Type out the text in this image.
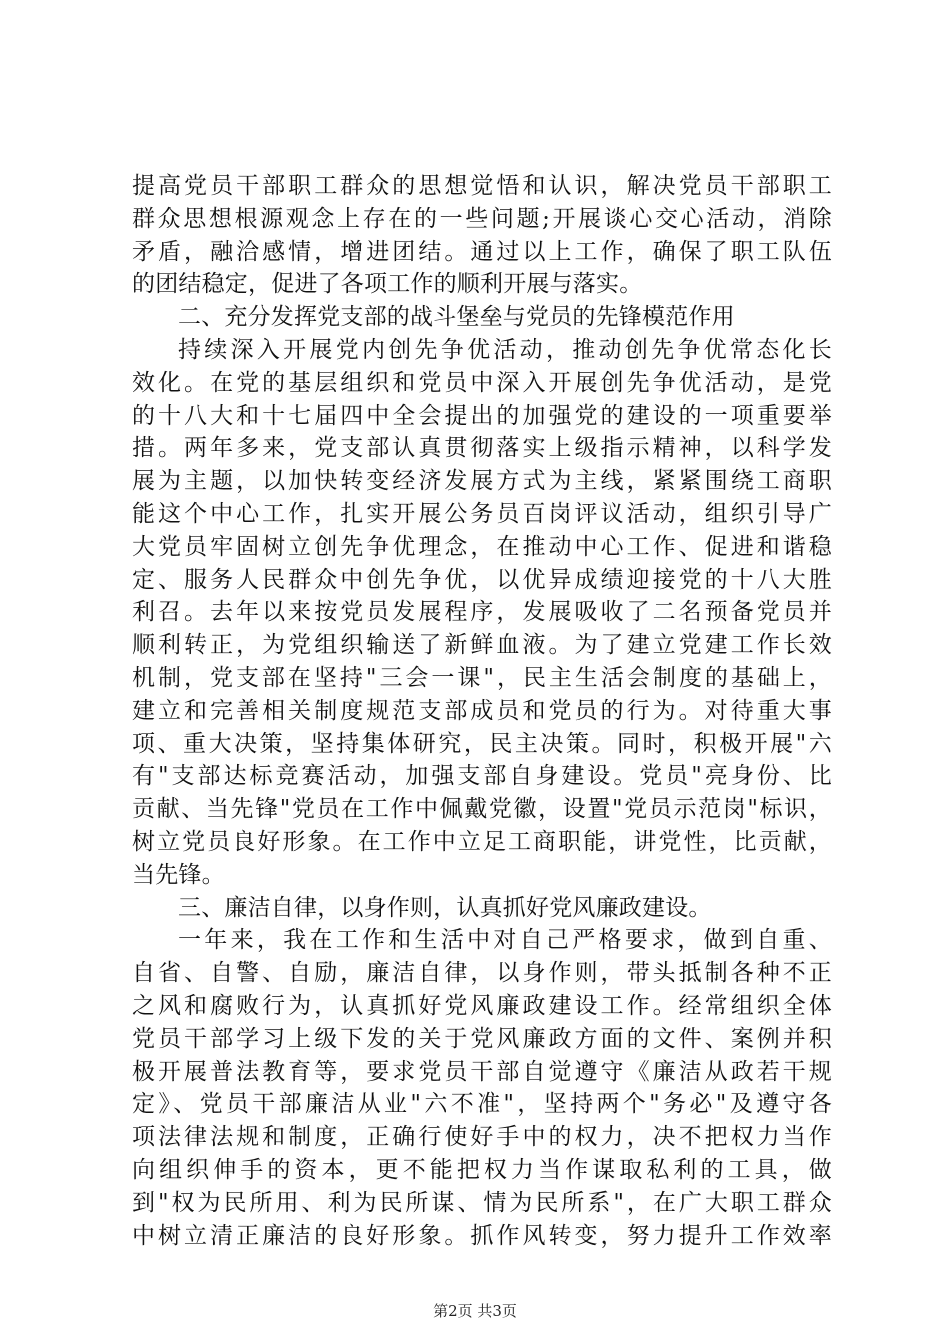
提高党员干部职工群众的思想觉悟和认识，解决党员干部职工
群众思想根源观念上存在的一些问题;开展谈心交心活动，消除
矛盾，融洽感情，增进团结。通过以上工作，确保了职工队伍
的团结稳定，促进了各项工作的顺利开展与落实。
二、充分发挥党支部的战斗堡垒与党员的先锋模范作用
持续深入开展党内创先争优活动，推动创先争优常态化长
效化。在党的基层组织和党员中深入开展创先争优活动，是党
的十八大和十七届四中全会提出的加强党的建设的一项重要举
措。两年多来，党支部认真贯彻落实上级指示精神，以科学发
展为主题，以加快转变经济发展方式为主线，紧紧围绕工商职
能这个中心工作，扎实开展公务员百岗评议活动，组织引导广
大党员牢固树立创先争优理念，在推动中心工作、促进和谐稳
定、服务人民群众中创先争优，以优异成绩迎接党的十八大胜
利召。去年以来按党员发展程序，发展吸收了二名预备党员并
顺利转正，为党组织输送了新鲜血液。为了建立党建工作长效
机制，党支部在坚持"三会一课"，民主生活会制度的基础上，
建立和完善相关制度规范支部成员和党员的行为。对待重大事
项、重大决策，坚持集体研究，民主决策。同时，积极开展"六
有"支部达标竞赛活动，加强支部自身建设。党员"亮身份、比
贡献、当先锋"党员在工作中佩戴党徽，设置"党员示范岗"标识，
树立党员良好形象。在工作中立足工商职能，讲党性，比贡献，
当先锋。
三、廉洁自律，以身作则，认真抓好党风廉政建设。
一年来，我在工作和生活中对自己严格要求，做到自重、
自省、自警、自励，廉洁自律，以身作则，带头抵制各种不正
之风和腐败行为，认真抓好党风廉政建设工作。经常组织全体
党员干部学习上级下发的关于党风廉政方面的文件、案例并积
极开展普法教育等，要求党员干部自觉遵守《廉洁从政若干规
定》、党员干部廉洁从业"六不准"，坚持两个"务必"及遵守各
项法律法规和制度，正确行使好手中的权力，决不把权力当作
向组织伸手的资本，更不能把权力当作谋取私利的工具，做
到"权为民所用、利为民所谋、情为民所系"，在广大职工群众
中树立清正廉洁的良好形象。抓作风转变，努力提升工作效率
第2页 共3页
